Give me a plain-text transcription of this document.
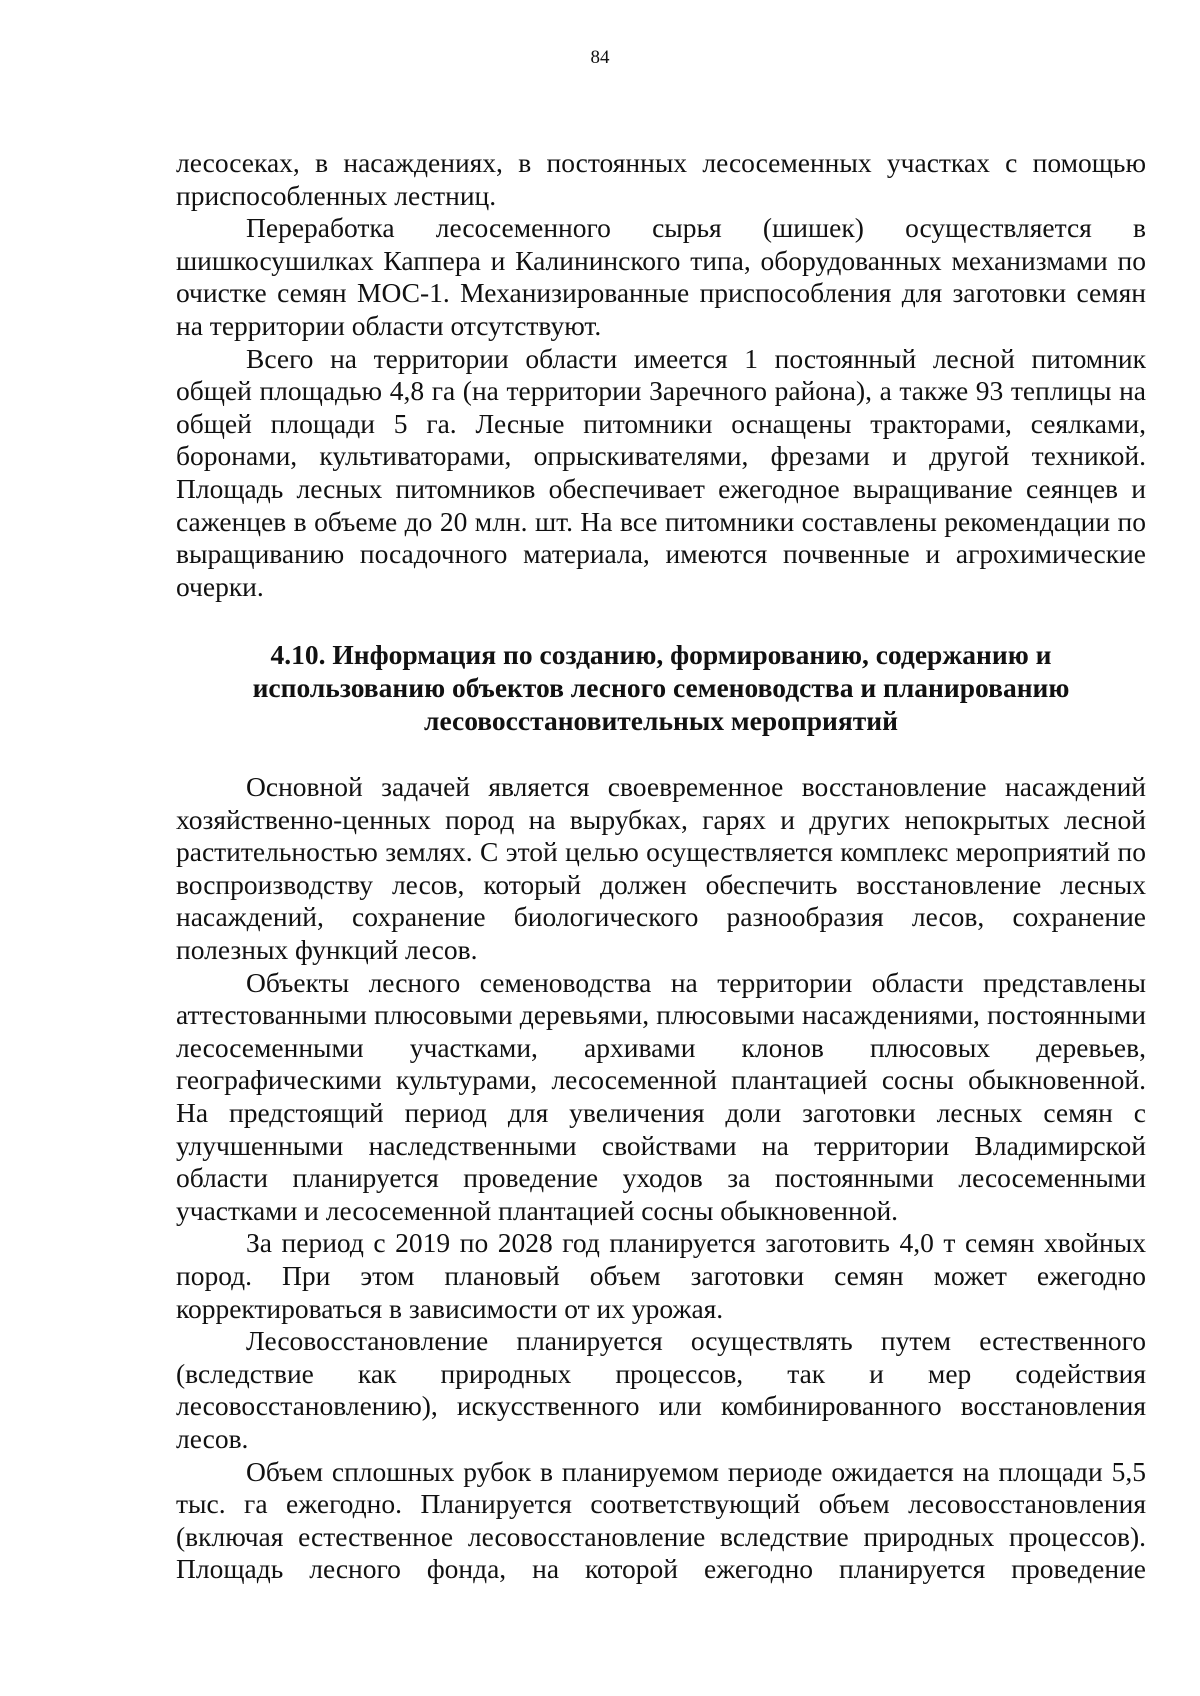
84

лесосеках, в насаждениях, в постоянных лесосеменных участках с помощью приспособленных лестниц.

Переработка лесосеменного сырья (шишек) осуществляется в шишкосушилках Каппера и Калининского типа, оборудованных механизмами по очистке семян МОС-1. Механизированные приспособления для заготовки семян на территории области отсутствуют.

Всего на территории области имеется 1 постоянный лесной питомник общей площадью 4,8 га (на территории Заречного района), а также 93 теплицы на общей площади 5 га. Лесные питомники оснащены тракторами, сеялками, боронами, культиваторами, опрыскивателями, фрезами и другой техникой. Площадь лесных питомников обеспечивает ежегодное выращивание сеянцев и саженцев в объеме до 20 млн. шт. На все питомники составлены рекомендации по выращиванию посадочного материала, имеются почвенные и агрохимические очерки.

4.10. Информация по созданию, формированию, содержанию и

использованию объектов лесного семеноводства и планированию

лесовосстановительных мероприятий

Основной задачей является своевременное восстановление насаждений хозяйственно-ценных пород на вырубках, гарях и других непокрытых лесной растительностью землях. С этой целью осуществляется комплекс мероприятий по воспроизводству лесов, который должен обеспечить восстановление лесных насаждений, сохранение биологического разнообразия лесов, сохранение полезных функций лесов.

Объекты лесного семеноводства на территории области представлены аттестованными плюсовыми деревьями, плюсовыми насаждениями, постоянными лесосеменными участками, архивами клонов плюсовых деревьев, географическими культурами, лесосеменной плантацией сосны обыкновенной. На предстоящий период для увеличения доли заготовки лесных семян с улучшенными наследственными свойствами на территории Владимирской области планируется проведение уходов за постоянными лесосеменными участками и лесосеменной плантацией сосны обыкновенной.

За период с 2019 по 2028 год планируется заготовить 4,0 т семян хвойных пород. При этом плановый объем заготовки семян может ежегодно корректироваться в зависимости от их урожая.

Лесовосстановление планируется осуществлять путем естественного (вследствие как природных процессов, так и мер содействия лесовосстановлению), искусственного или комбинированного восстановления лесов.

Объем сплошных рубок в планируемом периоде ожидается на площади 5,5 тыс. га ежегодно. Планируется соответствующий объем лесовосстановления (включая естественное лесовосстановление вследствие природных процессов). Площадь лесного фонда, на которой ежегодно планируется проведение
